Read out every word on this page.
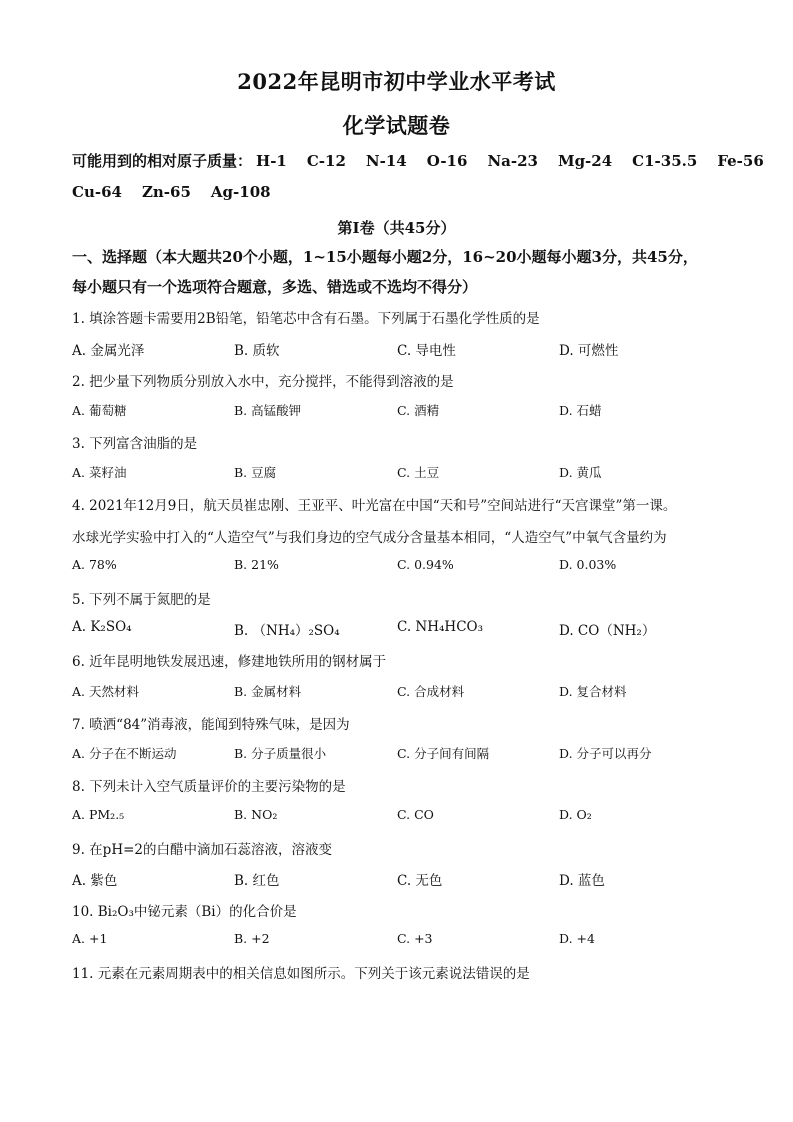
2022年昆明市初中学业水平考试
化学试题卷
可能用到的相对原子质量： H-1 C-12 N-14 O-16 Na-23 Mg-24 C1-35.5 Fe-56
Cu-64 Zn-65 Ag-108
第Ⅰ卷（共45分）
一、选择题（本大题共20个小题，1~15小题每小题2分，16~20小题每小题3分，共45分，
每小题只有一个选项符合题意，多选、错选或不选均不得分）
1. 填涂答题卡需要用2B铅笔，铅笔芯中含有石墨。下列属于石墨化学性质的是
A. 金属光泽	B. 质软	C. 导电性	D. 可燃性
2. 把少量下列物质分别放入水中，充分搅拌，不能得到溶液的是
A. 葡萄糖	B. 高锰酸钾	C. 酒精	D. 石蜡
3. 下列富含油脂的是
A. 菜籽油	B. 豆腐	C. 土豆	D. 黄瓜
4. 2021年12月9日，航天员崔忠刚、王亚平、叶光富在中国“天和号”空间站进行“天宫课堂”第一课。
水球光学实验中打入的“人造空气”与我们身边的空气成分含量基本相同，“人造空气”中氧气含量约为
A. 78%	B. 21%	C. 0.94%	D. 0.03%
5. 下列不属于氮肥的是
A. K₂SO₄	B. （NH₄）₂SO₄	C. NH₄HCO₃	D. CO（NH₂）
6. 近年昆明地铁发展迅速，修建地铁所用的钢材属于
A. 天然材料	B. 金属材料	C. 合成材料	D. 复合材料
7. 喷洒“84”消毒液，能闻到特殊气味，是因为
A. 分子在不断运动	B. 分子质量很小	C. 分子间有间隔	D. 分子可以再分
8. 下列未计入空气质量评价的主要污染物的是
A. PM₂.₅	B. NO₂	C. CO	D. O₂
9. 在pH=2的白醋中滴加石蕊溶液，溶液变
A. 紫色	B. 红色	C. 无色	D. 蓝色
10. Bi₂O₃中铋元素（Bi）的化合价是
A. +1	B. +2	C. +3	D. +4
11. 元素在元素周期表中的相关信息如图所示。下列关于该元素说法错误的是
